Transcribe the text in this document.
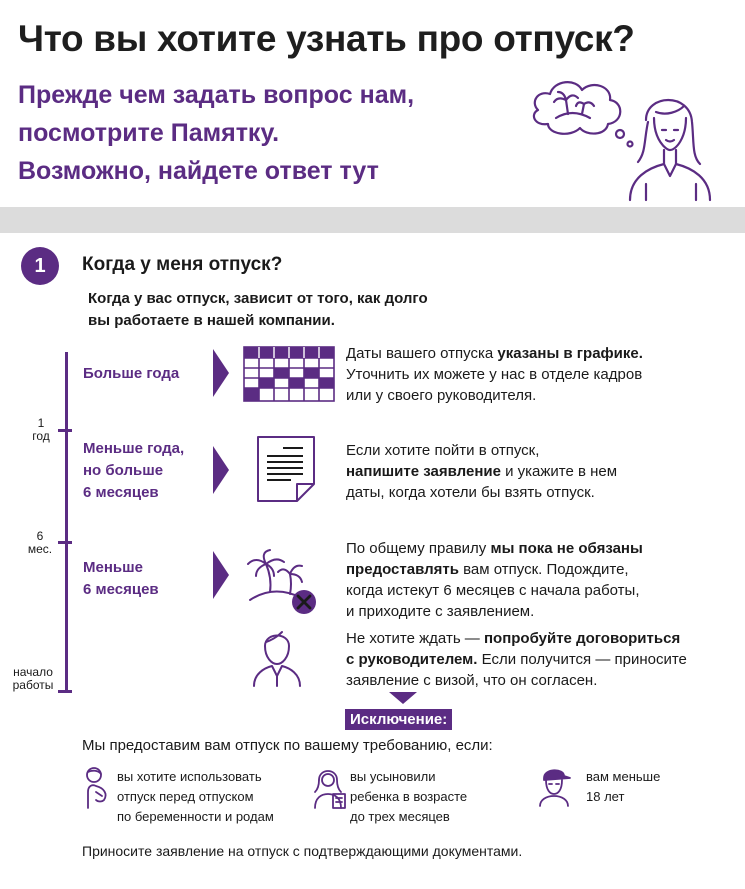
Что вы хотите узнать про отпуск?
Прежде чем задать вопрос нам,
посмотрите Памятку.
Возможно, найдете ответ тут
1	Когда у меня отпуск?
Когда у вас отпуск, зависит от того, как долго
вы работаете в нашей компании.
1
год
6
мес.
начало
работы
Больше года
Даты вашего отпуска указаны в графике.
Уточнить их можете у нас в отделе кадров
или у своего руководителя.
Меньше года,
но больше
6 месяцев
Если хотите пойти в отпуск,
напишите заявление и укажите в нем
даты, когда хотели бы взять отпуск.
Меньше
6 месяцев
По общему правилу мы пока не обязаны
предоставлять вам отпуск. Подождите,
когда истекут 6 месяцев с начала работы,
и приходите с заявлением.
Не хотите ждать — попробуйте договориться
с руководителем. Если получится — приносите
заявление с визой, что он согласен.
Исключение:
Мы предоставим вам отпуск по вашему требованию, если:
вы хотите использовать
отпуск перед отпуском
по беременности и родам
вы усыновили
ребенка в возрасте
до трех месяцев
вам меньше
18 лет
Приносите заявление на отпуск с подтверждающими документами.
